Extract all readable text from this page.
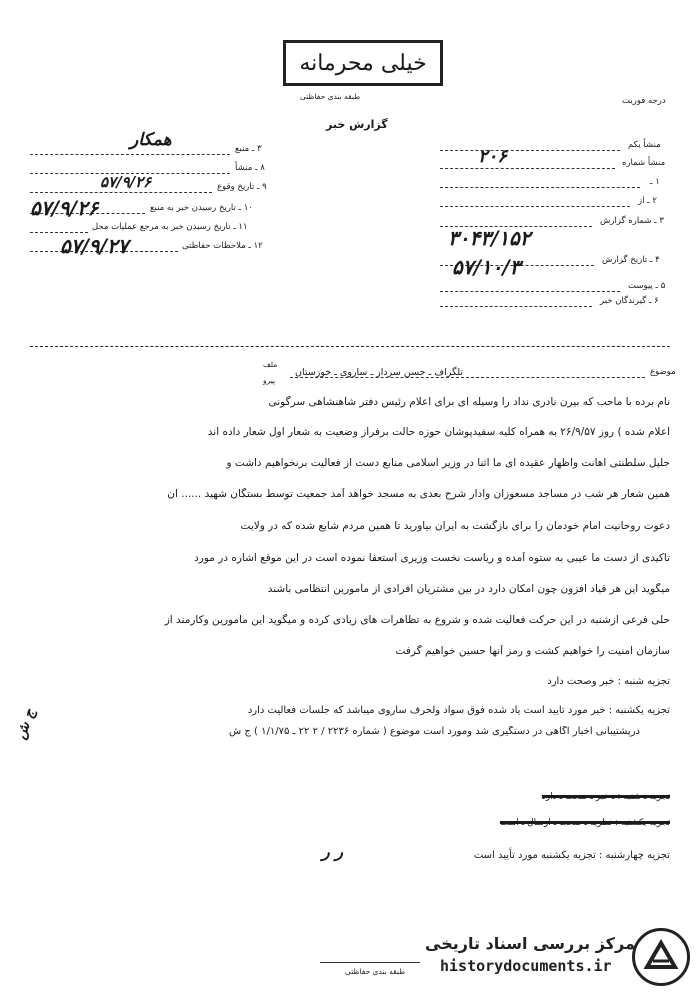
خیلی محرمانه
طبقه بندی حفاظتی	درجه فوریت
گزارش خبر
۳ ـ منبع
همکار
۸ ـ منشأ
۹ ـ تاریخ وقوع
۵۷/۹/۲۶
۱۰ ـ تاریخ رسیدن خبر به منبع
۵۷/۹/۲۶
۱۱ ـ تاریخ رسیدن خبر به مرجع عملیات محل
۱۲ ـ ملاحظات حفاظتی
۵۷/۹/۲۷
منشأ یکم
منشأ شماره
۲۰۶
۱ ـ
۲ ـ از
۳ ـ شماره گزارش
۳۰۴۳/۱۵۲
۴ ـ تاریخ گزارش
۵۷/۱۰/۳
۵ ـ پیوست
۶ ـ گیرندگان خبر
موضوع
تلگراف ـ حسن سردار ـ ساروی ـ خوزستان
ملف
پیرو
نام برده با ماحب که بیرن نادری نداد را وسیله ای برای اعلام رئیس دفتر شاهنشاهی سرگونی
اعلام شده ) روز ۲۶/۹/۵۷ به همراه کلیه سفیدپوشان حوزه حالت برفراز وضعیت به شعار اول شعار داده اند
جلیل سلطنتی اهانت واظهار عقیده ای ما اثنا در وزیر اسلامی منابع دست از فعالیت برنخواهیم داشت و
همین شعار هر شب در مساجد مسعوزان وادار شرح بعدی به مسجد خواهد آمد جمعیت توسط بستگان شهید ...... ان
دعوت روحانیت امام خودمان را برای بازگشت به ایران بیاورید تا همین مردم شایع شده که در ولایت
تاکیدی از دست ما عیبی به ستوه آمده و ریاست نخست وزیری استعفا نموده است در این موقع اشاره در مورد
میگوید این هر قیاد افزون چون امکان دارد در بین مشتریان افرادی از مأمورین انتظامی باشند
حلی فرعی ازشنبه در این حرکت فعالیت شده و شروع به تظاهرات های زیادی کرده و میگوید این مأمورین وکارمند از
سازمان امنیت را خواهیم کشت و رمز آنها حسین خواهیم گرفت
تجزیه شنبه : خبر وصحت دارد
تجزیه یکشنبه : خبر مورد تأیید است یاد شده فوق سواد ولحرف ساروی میباشد که جلسات فعالیت دارد
درپشتیبانی اخبار آگاهی در دستگیری شد ومورد است موضوع ( شماره ۲۲۳۶ / ۲ ۲۲ ـ ۱/۱/۷۵ ) ج ش
ج ش
تجزیه ـ شنبه : ـ خبر ـ صحت ـ دارد
تجزیه یکشنبه : نظریه ـ صحت ـ ارسال ـ است
تجزیه چهارشنبه : تجزیه یکشنبه مورد تأیید است
ر ر
مرکز بررسی اسناد تاریخی
historydocuments.ir
طبقه بندی حفاظتی
